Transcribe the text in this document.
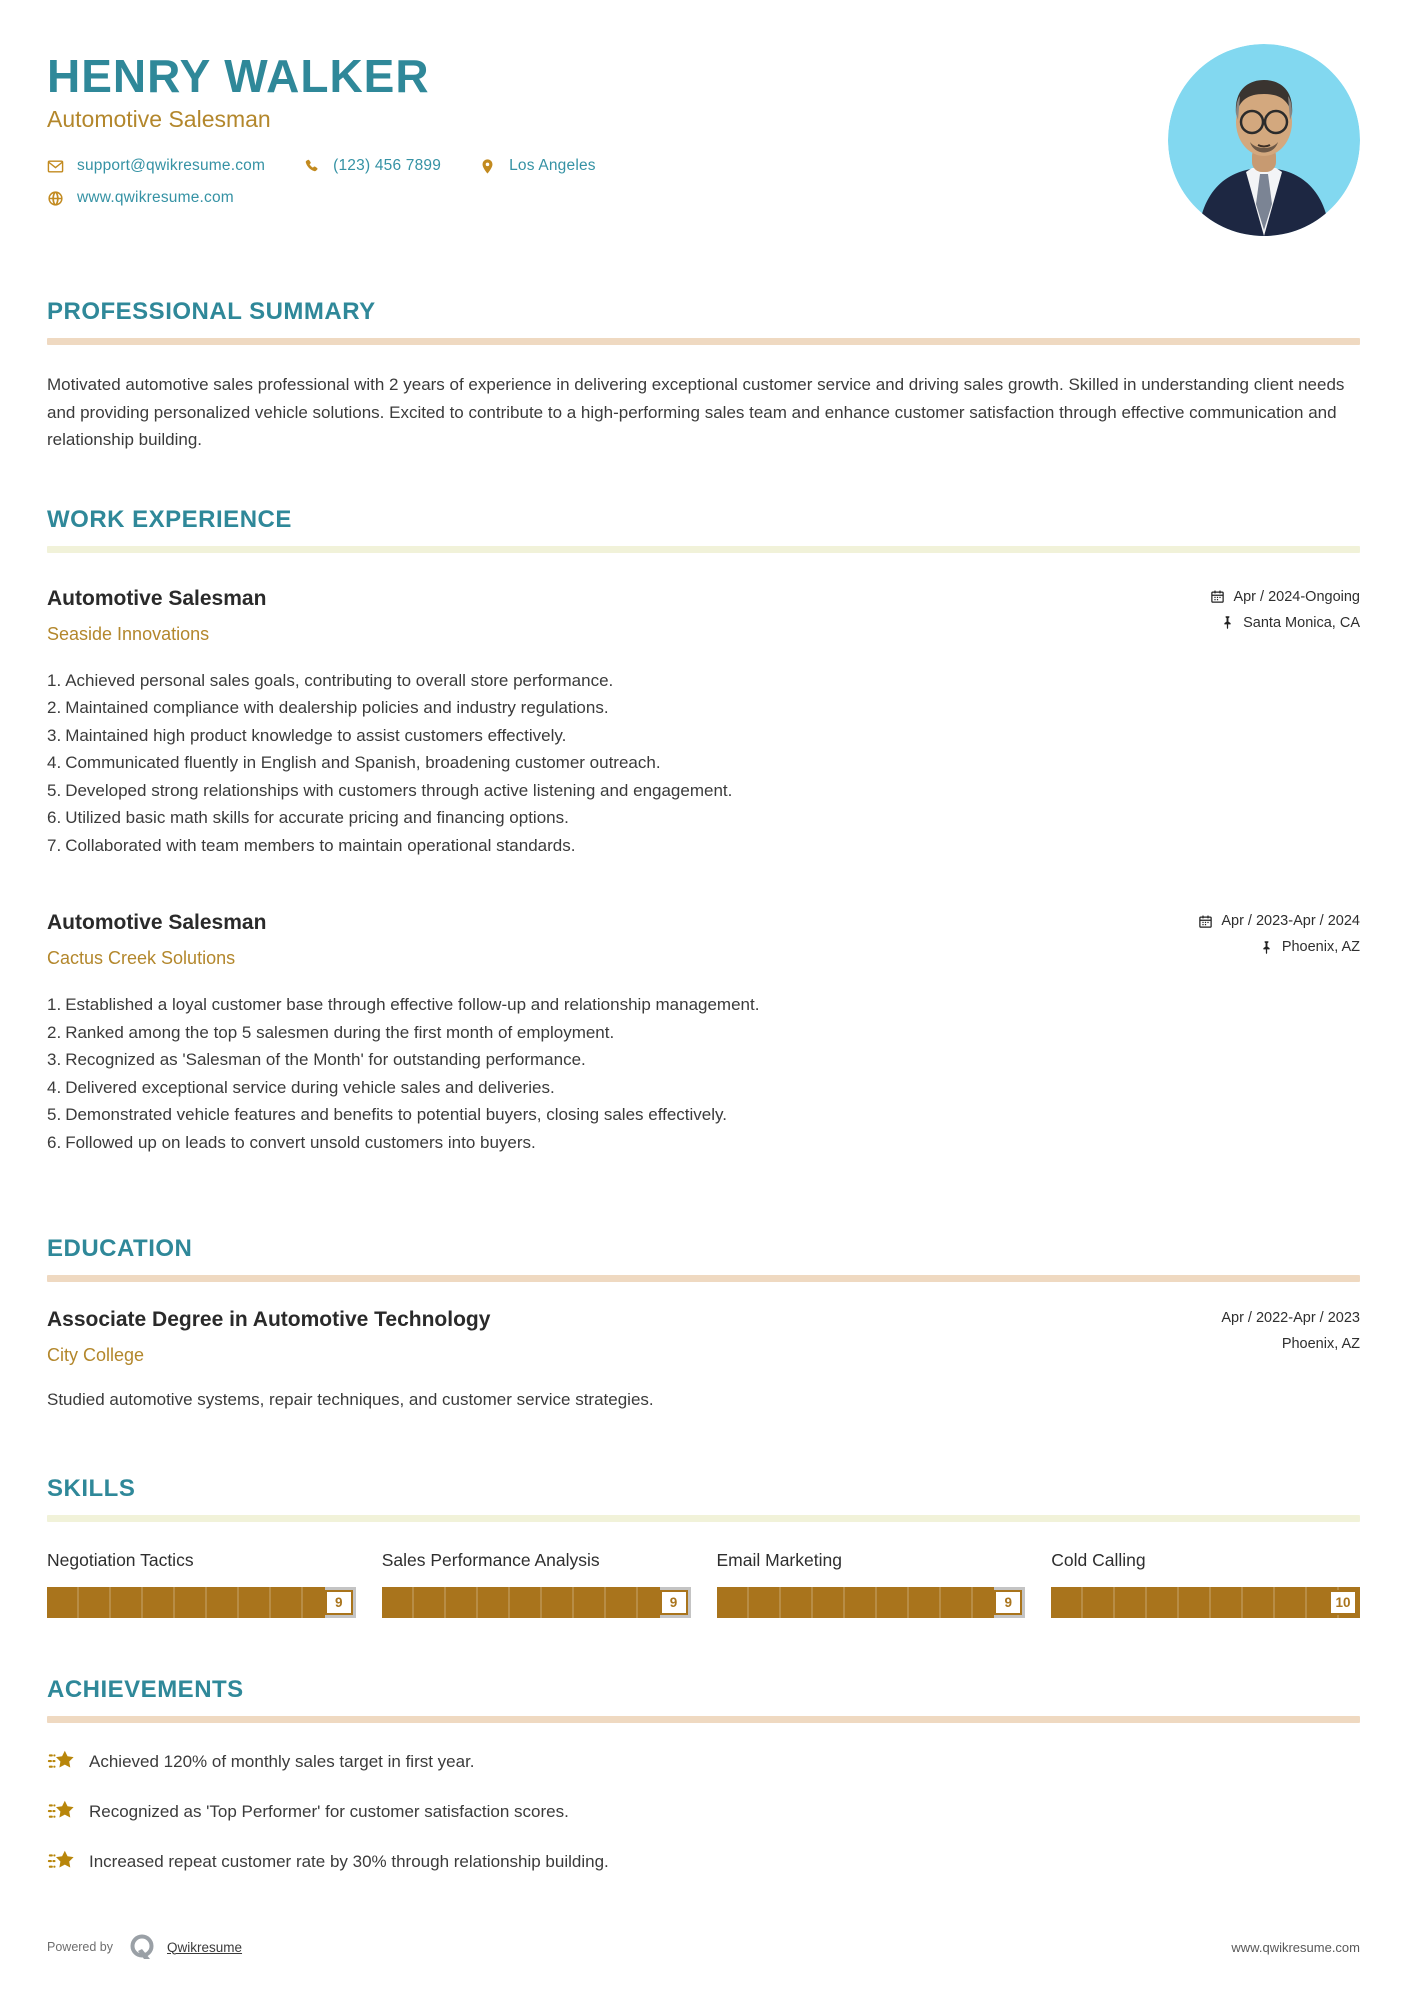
HENRY WALKER
Automotive Salesman
support@qwikresume.com	(123) 456 7899	Los Angeles
www.qwikresume.com
PROFESSIONAL SUMMARY
Motivated automotive sales professional with 2 years of experience in delivering exceptional customer service and driving sales growth. Skilled in understanding client needs and providing personalized vehicle solutions. Excited to contribute to a high-performing sales team and enhance customer satisfaction through effective communication and relationship building.
WORK EXPERIENCE
Automotive Salesman
Seaside Innovations
Apr / 2024-Ongoing
Santa Monica, CA
1. Achieved personal sales goals, contributing to overall store performance.
2. Maintained compliance with dealership policies and industry regulations.
3. Maintained high product knowledge to assist customers effectively.
4. Communicated fluently in English and Spanish, broadening customer outreach.
5. Developed strong relationships with customers through active listening and engagement.
6. Utilized basic math skills for accurate pricing and financing options.
7. Collaborated with team members to maintain operational standards.
Automotive Salesman
Cactus Creek Solutions
Apr / 2023-Apr / 2024
Phoenix, AZ
1. Established a loyal customer base through effective follow-up and relationship management.
2. Ranked among the top 5 salesmen during the first month of employment.
3. Recognized as 'Salesman of the Month' for outstanding performance.
4. Delivered exceptional service during vehicle sales and deliveries.
5. Demonstrated vehicle features and benefits to potential buyers, closing sales effectively.
6. Followed up on leads to convert unsold customers into buyers.
EDUCATION
Associate Degree in Automotive Technology
City College
Apr / 2022-Apr / 2023
Phoenix, AZ
Studied automotive systems, repair techniques, and customer service strategies.
SKILLS
Negotiation Tactics
9
Sales Performance Analysis
9
Email Marketing
9
Cold Calling
10
ACHIEVEMENTS
Achieved 120% of monthly sales target in first year.
Recognized as 'Top Performer' for customer satisfaction scores.
Increased repeat customer rate by 30% through relationship building.
Powered by	Qwikresume	www.qwikresume.com
